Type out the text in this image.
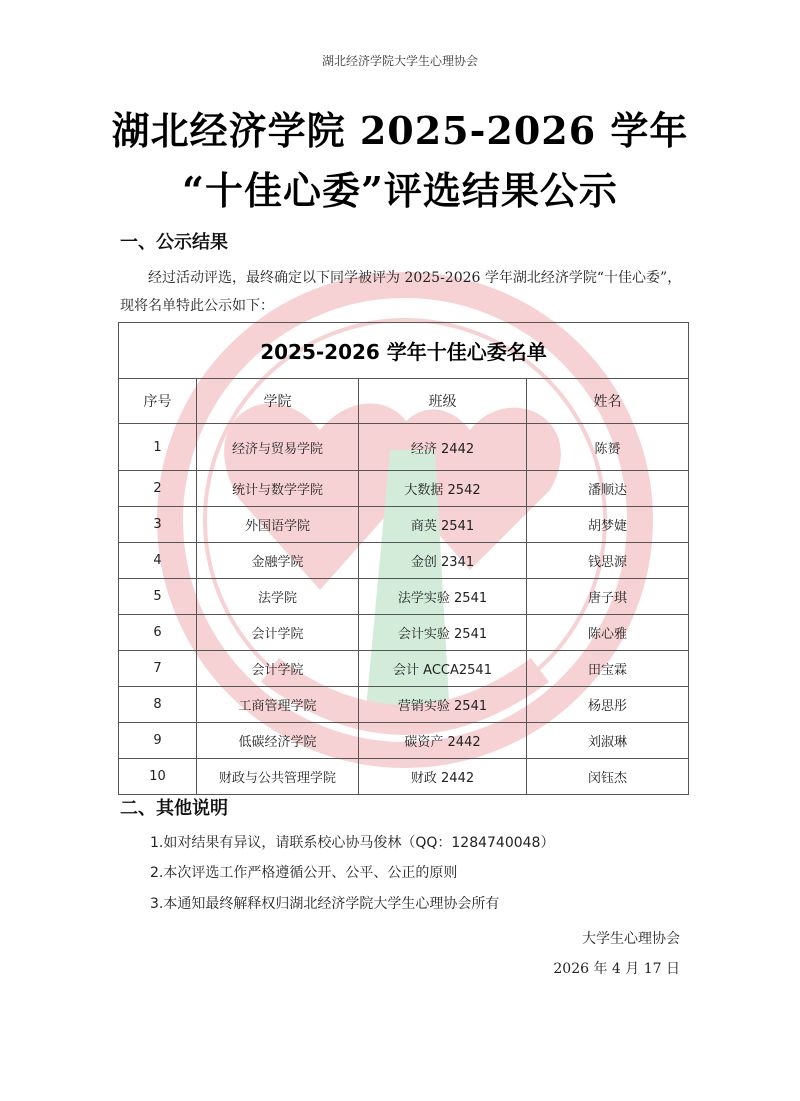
湖北经济学院大学生心理协会
湖北经济学院 2025-2026 学年
“十佳心委”评选结果公示
一、公示结果
经过活动评选，最终确定以下同学被评为 2025-2026 学年湖北经济学院“十佳心委”，现将名单特此公示如下：
2025-2026 学年十佳心委名单			
序号	学院	班级	姓名
1	经济与贸易学院	经济 2442	陈赟
2	统计与数学学院	大数据 2542	潘顺达
3	外国语学院	商英 2541	胡梦婕
4	金融学院	金创 2341	钱思源
5	法学院	法学实验 2541	唐子琪
6	会计学院	会计实验 2541	陈心雅
7	会计学院	会计 ACCA2541	田宝霖
8	工商管理学院	营销实验 2541	杨思彤
9	低碳经济学院	碳资产 2442	刘淑琳
10	财政与公共管理学院	财政 2442	闵钰杰
二、其他说明
1.如对结果有异议，请联系校心协马俊林（QQ：1284740048）
2.本次评选工作严格遵循公开、公平、公正的原则
3.本通知最终解释权归湖北经济学院大学生心理协会所有
大学生心理协会
2026 年 4 月 17 日
